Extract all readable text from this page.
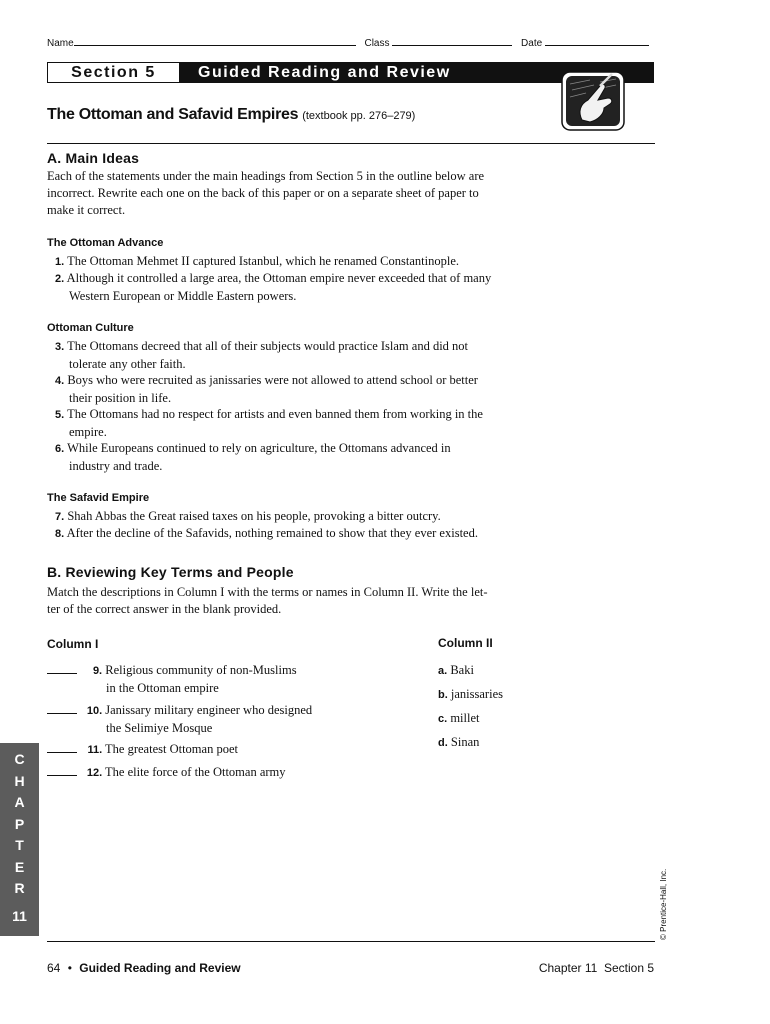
Name	Class	Date
Section 5	Guided Reading and Review
The Ottoman and Safavid Empires (textbook pp. 276–279)
A. Main Ideas
Each of the statements under the main headings from Section 5 in the outline below are
incorrect. Rewrite each one on the back of this paper or on a separate sheet of paper to
make it correct.
The Ottoman Advance
1. The Ottoman Mehmet II captured Istanbul, which he renamed Constantinople.
2. Although it controlled a large area, the Ottoman empire never exceeded that of many
Western European or Middle Eastern powers.
Ottoman Culture
3. The Ottomans decreed that all of their subjects would practice Islam and did not
tolerate any other faith.
4. Boys who were recruited as janissaries were not allowed to attend school or better
their position in life.
5. The Ottomans had no respect for artists and even banned them from working in the
empire.
6. While Europeans continued to rely on agriculture, the Ottomans advanced in
industry and trade.
The Safavid Empire
7. Shah Abbas the Great raised taxes on his people, provoking a bitter outcry.
8. After the decline of the Safavids, nothing remained to show that they ever existed.
B. Reviewing Key Terms and People
Match the descriptions in Column I with the terms or names in Column II. Write the let-
ter of the correct answer in the blank provided.
Column I	Column II
9. Religious community of non-Muslims
in the Ottoman empire
10. Janissary military engineer who designed
the Selimiye Mosque
11. The greatest Ottoman poet
12. The elite force of the Ottoman army
a. Baki
b. janissaries
c. millet
d. Sinan
C
H
A
P
T
E
R
11	© Prentice-Hall, Inc.
64 • Guided Reading and Review	Chapter 11  Section 5
